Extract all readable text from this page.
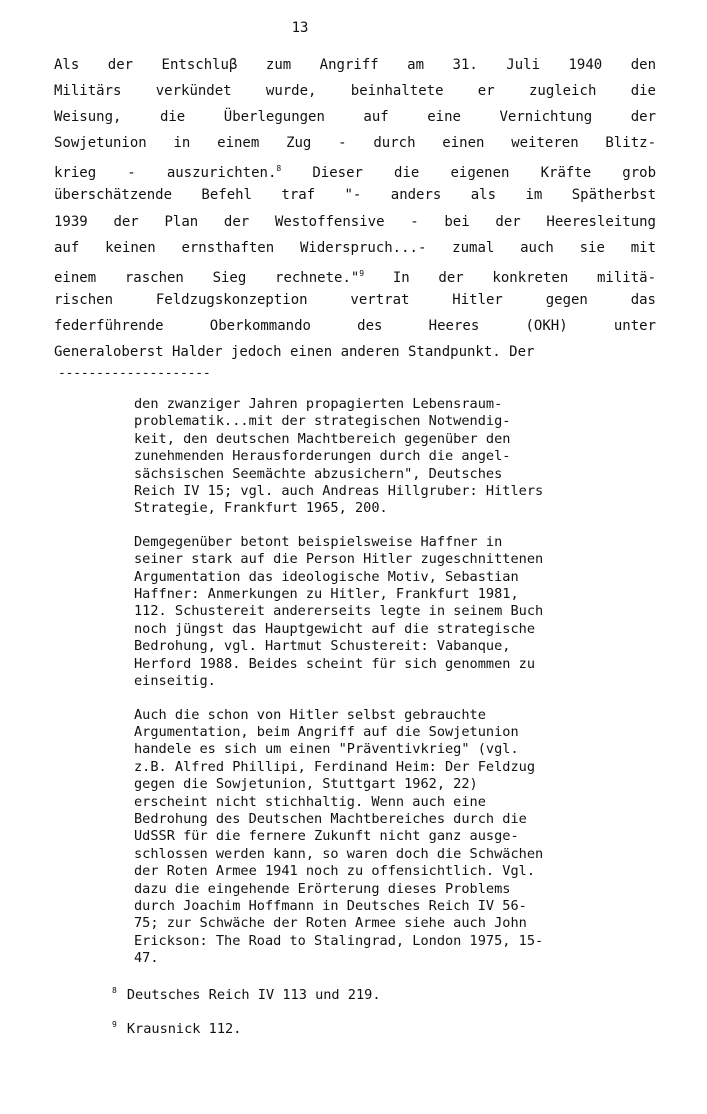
13
Als der Entschluβ zum Angriff am 31. Juli 1940 den
Militärs verkündet wurde, beinhaltete er zugleich die
Weisung, die Überlegungen auf eine Vernichtung der
Sowjetunion in einem Zug - durch einen weiteren Blitz-
krieg - auszurichten.$^8$ Dieser die eigenen Kräfte grob
überschätzende Befehl traf "- anders als im Spätherbst
1939 der Plan der Westoffensive - bei der Heeresleitung
auf keinen ernsthaften Widerspruch...- zumal auch sie mit
einem raschen Sieg rechnete."$^9$ In der konkreten militä-
rischen Feldzugskonzeption vertrat Hitler gegen das
federführende Oberkommando des Heeres (OKH) unter
Generaloberst Halder jedoch einen anderen Standpunkt. Der
--------------------
den zwanziger Jahren propagierten Lebensraum-
problematik...mit der strategischen Notwendig-
keit, den deutschen Machtbereich gegenüber den
zunehmenden Herausforderungen durch die angel-
sächsischen Seemächte abzusichern", Deutsches
Reich IV 15; vgl. auch Andreas Hillgruber: Hitlers
Strategie, Frankfurt 1965, 200.
Demgegenüber betont beispielsweise Haffner in
seiner stark auf die Person Hitler zugeschnittenen
Argumentation das ideologische Motiv, Sebastian
Haffner: Anmerkungen zu Hitler, Frankfurt 1981,
112. Schustereit andererseits legte in seinem Buch
noch jüngst das Hauptgewicht auf die strategische
Bedrohung, vgl. Hartmut Schustereit: Vabanque,
Herford 1988. Beides scheint für sich genommen zu
einseitig.
Auch die schon von Hitler selbst gebrauchte
Argumentation, beim Angriff auf die Sowjetunion
handele es sich um einen "Präventivkrieg" (vgl.
z.B. Alfred Phillipi, Ferdinand Heim: Der Feldzug
gegen die Sowjetunion, Stuttgart 1962, 22)
erscheint nicht stichhaltig. Wenn auch eine
Bedrohung des Deutschen Machtbereiches durch die
UdSSR für die fernere Zukunft nicht ganz ausge-
schlossen werden kann, so waren doch die Schwächen
der Roten Armee 1941 noch zu offensichtlich. Vgl.
dazu die eingehende Erörterung dieses Problems
durch Joachim Hoffmann in Deutsches Reich IV 56-
75; zur Schwäche der Roten Armee siehe auch John
Erickson: The Road to Stalingrad, London 1975, 15-
47.
$^8$ Deutsches Reich IV 113 und 219.
$^9$ Krausnick 112.
